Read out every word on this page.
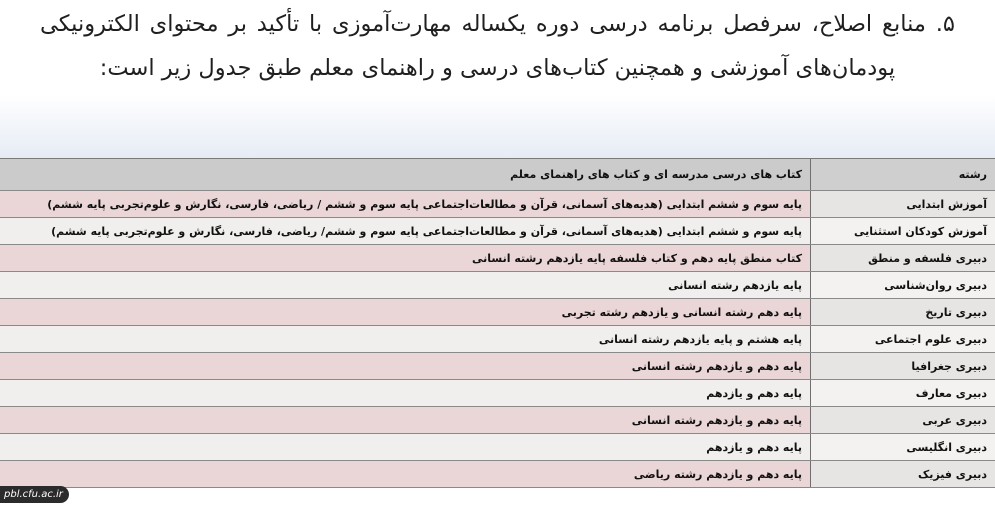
۵. منابع اصلاح، سرفصل برنامه درسی دوره یکساله مهارت‌آموزی با تأکید بر محتوای الکترونیکی پودمان‌های آموزشی و همچنین کتاب‌های درسی و راهنمای معلم طبق جدول زیر است:
رشته
کتاب های درسی مدرسه ای و کتاب های راهنمای معلم
آموزش ابتدایی
پایه سوم و ششم ابتدایی (هدیه‌های آسمانی، قرآن و مطالعات‌اجتماعی پایه سوم و ششم / ریاضی، فارسی، نگارش و علوم‌تجربی پایه ششم)
آموزش کودکان استثنایی
پایه سوم و ششم ابتدایی (هدیه‌های آسمانی، قرآن و مطالعات‌اجتماعی پایه سوم و ششم/ ریاضی، فارسی، نگارش و علوم‌تجربی پایه ششم)
دبیری فلسفه و منطق
کتاب منطق پایه دهم و کتاب فلسفه پایه یازدهم رشته انسانی
دبیری روان‌شناسی
پایه یازدهم رشته انسانی
دبیری تاریخ
پایه دهم رشته انسانی و یازدهم رشته تجربی
دبیری علوم اجتماعی
پایه هشتم و پایه یازدهم رشته انسانی
دبیری جغرافیا
پایه دهم و یازدهم رشته انسانی
دبیری معارف
پایه دهم و یازدهم
دبیری عربی
پایه دهم و یازدهم رشته انسانی
دبیری انگلیسی
پایه دهم و یازدهم
دبیری فیزیک
پایه دهم و یازدهم رشته ریاضی
pbl.cfu.ac.ir
